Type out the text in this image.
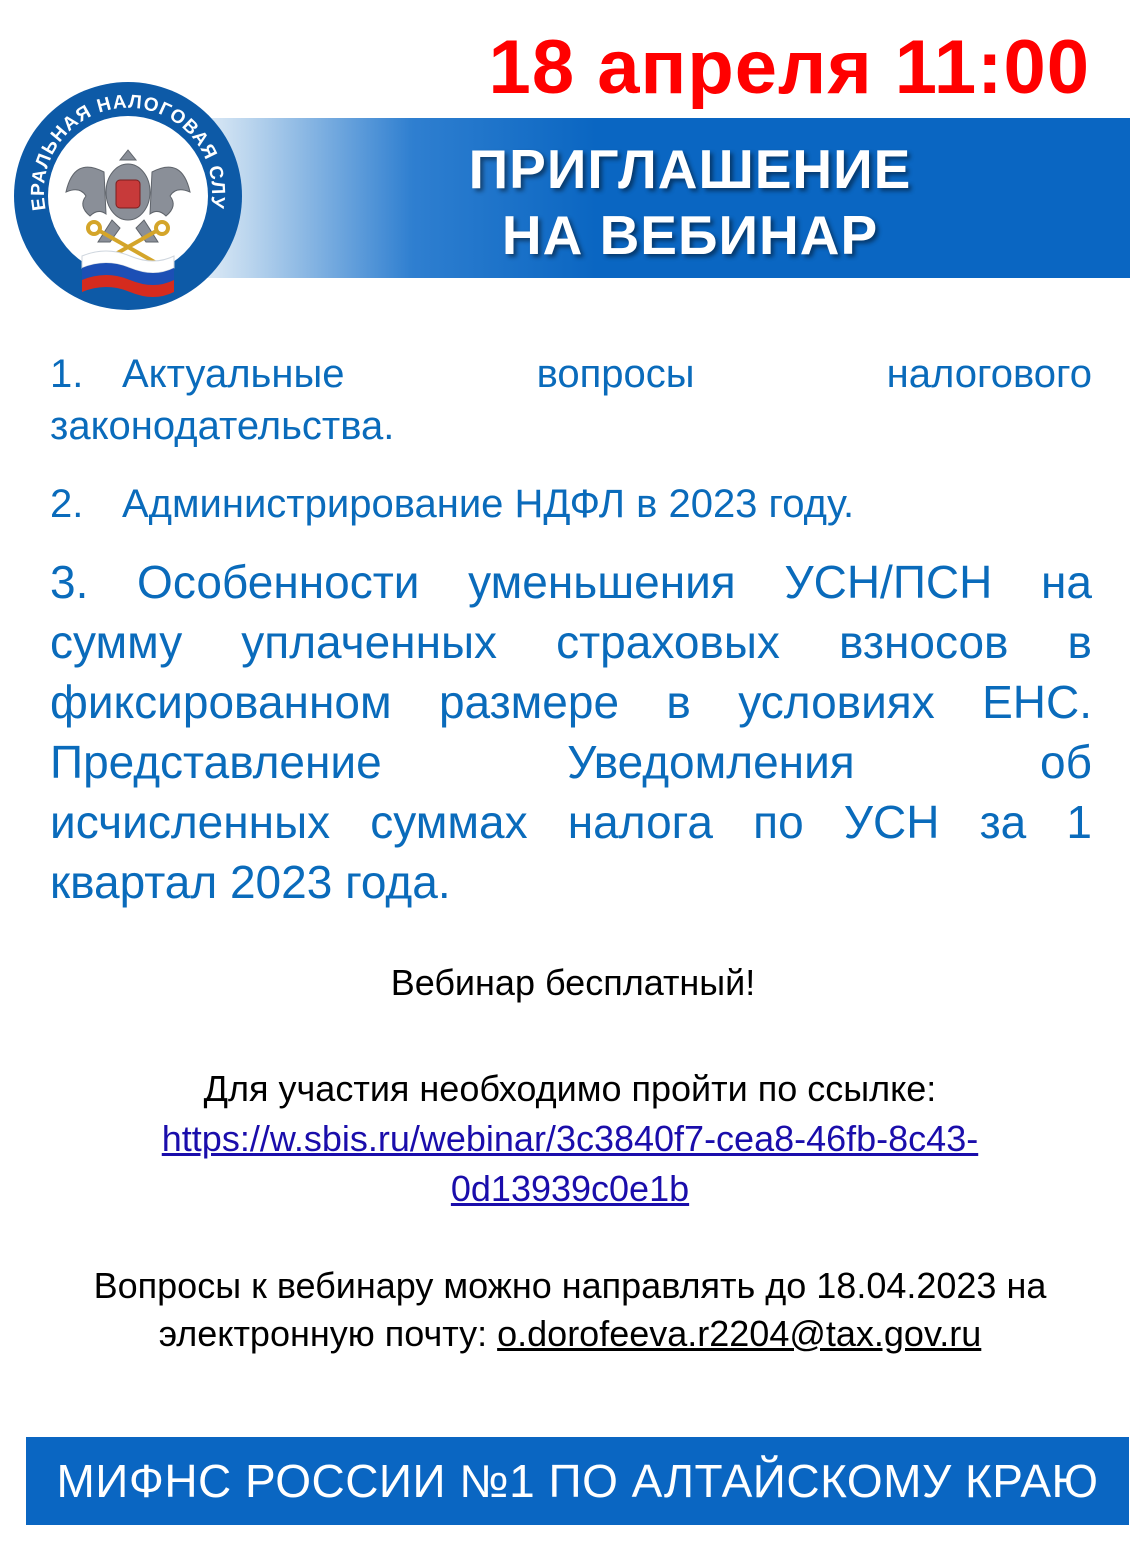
ПРИГЛАШЕНИЕ
НА ВЕБИНАР
18 апреля 11:00
ЕРАЛЬНАЯ НАЛОГОВАЯ СЛУ
1. Актуальные	вопросы	налогового
законодательства.
2. Администрирование НДФЛ в 2023 году.
3. Особенности уменьшения УСН/ПСН на
сумму уплаченных страховых взносов в
фиксированном размере в условиях ЕНС.
Представление Уведомления об
исчисленных суммах налога по УСН за 1
квартал 2023 года.
Вебинар бесплатный!
Для участия необходимо пройти по ссылке:
https://w.sbis.ru/webinar/3c3840f7-cea8-46fb-8c43-
0d13939c0e1b
Вопросы к вебинару можно направлять до 18.04.2023 на
электронную почту: o.dorofeeva.r2204@tax.gov.ru
МИФНС РОССИИ №1 ПО АЛТАЙСКОМУ КРАЮ
